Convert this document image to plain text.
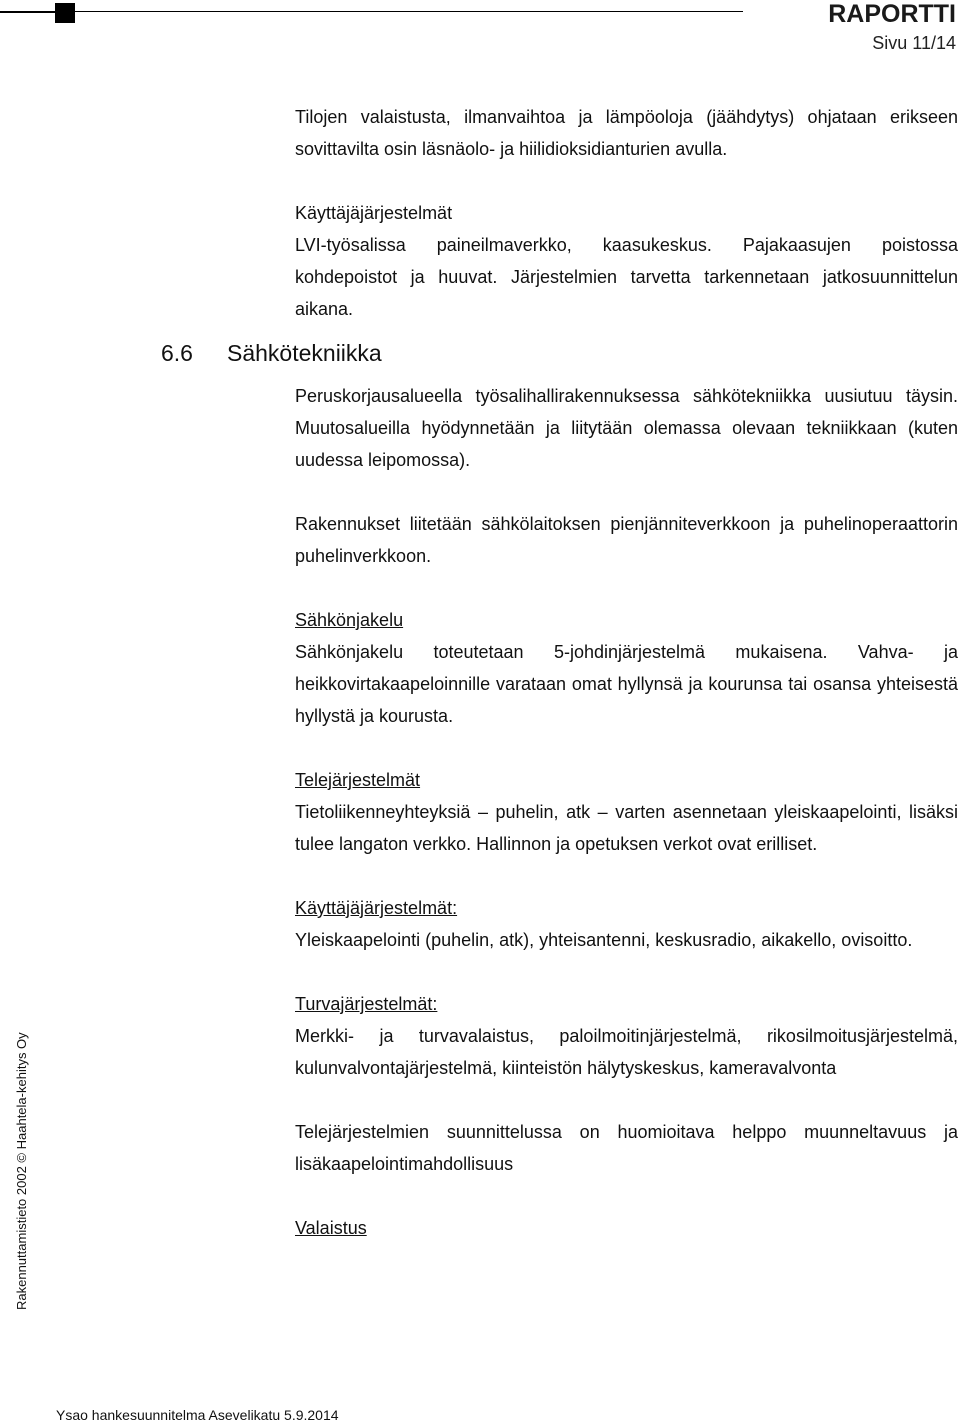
RAPORTTI
Sivu 11/14

Tilojen valaistusta, ilmanvaihtoa ja lämpöoloja (jäähdytys) ohjataan erikseen sovittavilta osin läsnäolo- ja hiilidioksidianturien avulla.

Käyttäjäjärjestelmät

LVI-työsalissa paineilmaverkko, kaasukeskus. Pajakaasujen poistossa kohdepoistot ja huuvat. Järjestelmien tarvetta tarkennetaan jatkosuunnittelun aikana.

6.6 Sähkötekniikka

Peruskorjausalueella työsalihallirakennuksessa sähkötekniikka uusiutuu täysin. Muutosalueilla hyödynnetään ja liitytään olemassa olevaan tekniikkaan (kuten uudessa leipomossa).

Rakennukset liitetään sähkölaitoksen pienjänniteverkkoon ja puhelinoperaattorin puhelinverkkoon.

Sähkönjakelu

Sähkönjakelu toteutetaan 5-johdinjärjestelmä mukaisena. Vahva- ja heikkovirtakaapeloinnille varataan omat hyllynsä ja kourunsa tai osansa yhteisestä hyllystä ja kourusta.

Telejärjestelmät

Tietoliikenneyhteyksiä – puhelin, atk – varten asennetaan yleiskaapelointi, lisäksi tulee langaton verkko. Hallinnon ja opetuksen verkot ovat erilliset.

Käyttäjäjärjestelmät:

Yleiskaapelointi (puhelin, atk), yhteisantenni, keskusradio, aikakello, ovisoitto.

Turvajärjestelmät:

Merkki- ja turvavalaistus, paloilmoitinjärjestelmä, rikosilmoitusjärjestelmä, kulunvalvontajärjestelmä, kiinteistön hälytyskeskus, kameravalvonta

Telejärjestelmien suunnittelussa on huomioitava helppo muunneltavuus ja lisäkaapelointimahdollisuus

Valaistus

Rakennuttamistieto 2002 © Haahtela-kehitys Oy
Ysao hankesuunnitelma Asevelikatu 5.9.2014
